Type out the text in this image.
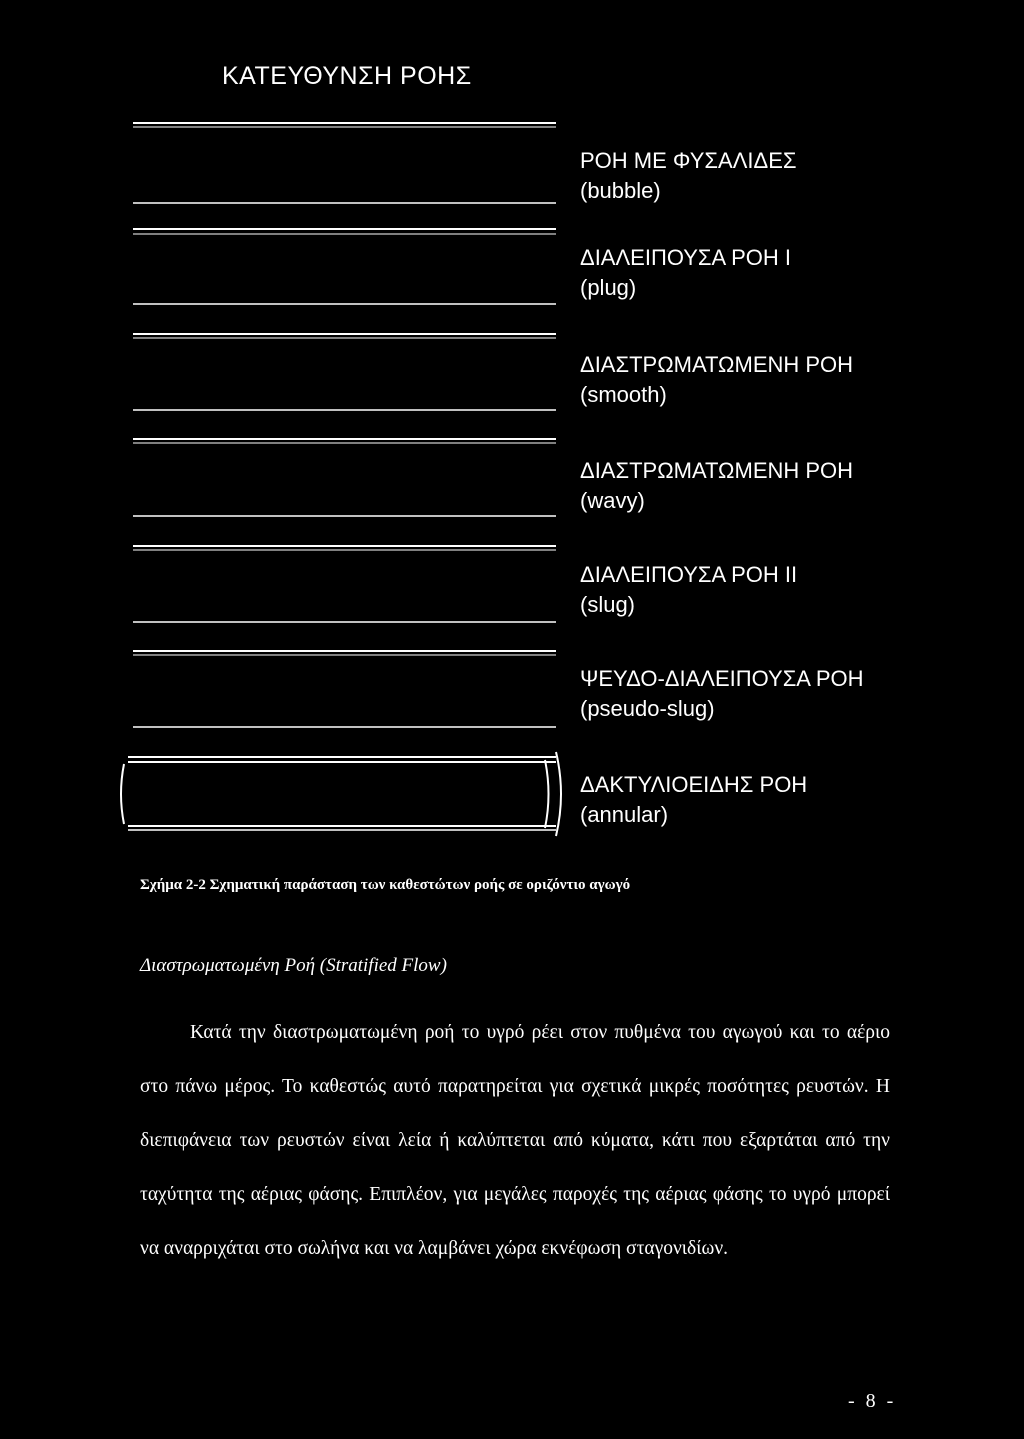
ΚΑΤΕΥΘΥΝΣΗ ΡΟΗΣ
ΡΟΗ ΜΕ ΦΥΣΑΛΙΔΕΣ
(bubble)
ΔΙΑΛΕΙΠΟΥΣΑ ΡΟΗ Ι
(plug)
ΔΙΑΣΤΡΩΜΑΤΩΜΕΝΗ ΡΟΗ
(smooth)
ΔΙΑΣΤΡΩΜΑΤΩΜΕΝΗ ΡΟΗ
(wavy)
ΔΙΑΛΕΙΠΟΥΣΑ ΡΟΗ ΙΙ
(slug)
ΨΕΥΔΟ-ΔΙΑΛΕΙΠΟΥΣΑ ΡΟΗ
(pseudo-slug)
ΔΑΚΤΥΛΙΟΕΙΔΗΣ ΡΟΗ
(annular)

Σχήμα 2-2 Σχηματική παράσταση των καθεστώτων ροής σε οριζόντιο αγωγό

Διαστρωματωμένη Ροή (Stratified Flow)

Κατά την διαστρωματωμένη ροή το υγρό ρέει στον πυθμένα του αγωγού και το αέριο στο πάνω μέρος. Το καθεστώς αυτό παρατηρείται για σχετικά μικρές ποσότητες ρευστών. Η διεπιφάνεια των ρευστών είναι λεία ή καλύπτεται από κύματα, κάτι που εξαρτάται από την ταχύτητα της αέριας φάσης. Επιπλέον, για μεγάλες παροχές της αέριας φάσης το υγρό μπορεί να αναρριχάται στο σωλήνα και να λαμβάνει χώρα εκνέφωση σταγονιδίων.

- 8 -
